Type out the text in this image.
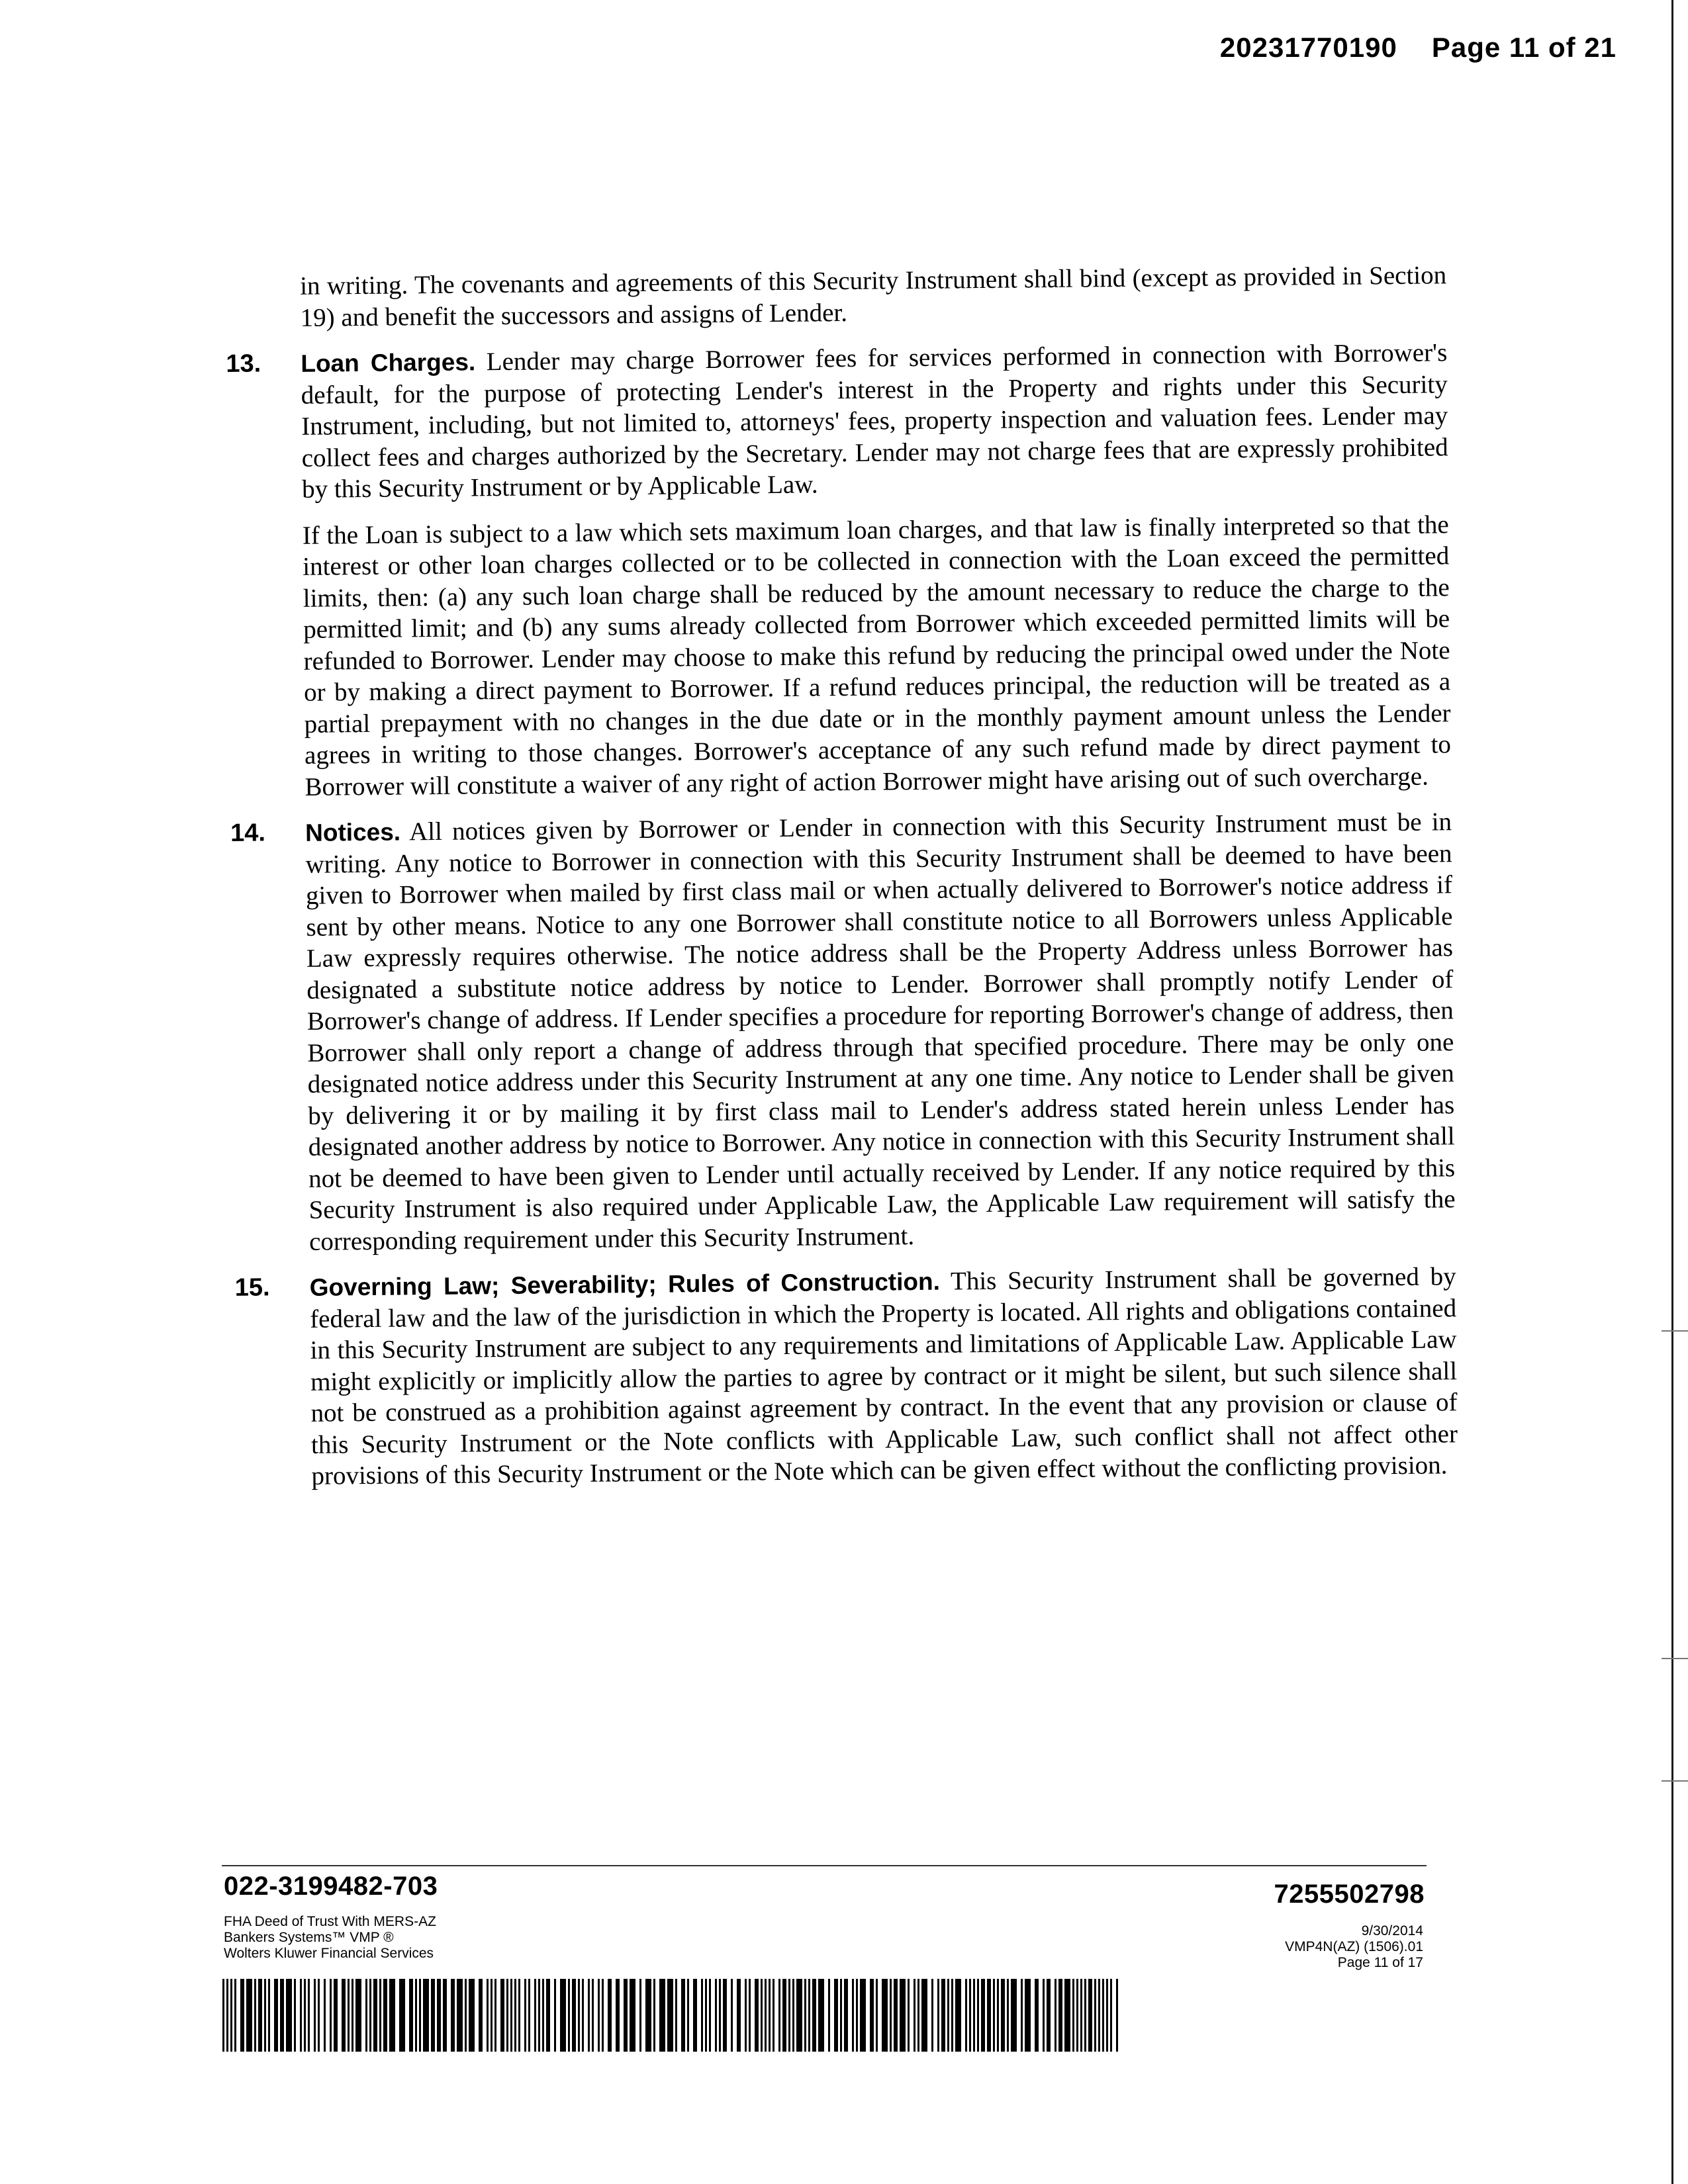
20231770190 Page 11 of 21

in writing. The covenants and agreements of this Security Instrument shall bind (except as provided in Section 19) and benefit the successors and assigns of Lender.

13. Loan Charges. Lender may charge Borrower fees for services performed in connection with Borrower's default, for the purpose of protecting Lender's interest in the Property and rights under this Security Instrument, including, but not limited to, attorneys' fees, property inspection and valuation fees. Lender may collect fees and charges authorized by the Secretary. Lender may not charge fees that are expressly prohibited by this Security Instrument or by Applicable Law.

If the Loan is subject to a law which sets maximum loan charges, and that law is finally interpreted so that the interest or other loan charges collected or to be collected in connection with the Loan exceed the permitted limits, then: (a) any such loan charge shall be reduced by the amount necessary to reduce the charge to the permitted limit; and (b) any sums already collected from Borrower which exceeded permitted limits will be refunded to Borrower. Lender may choose to make this refund by reducing the principal owed under the Note or by making a direct payment to Borrower. If a refund reduces principal, the reduction will be treated as a partial prepayment with no changes in the due date or in the monthly payment amount unless the Lender agrees in writing to those changes. Borrower's acceptance of any such refund made by direct payment to Borrower will constitute a waiver of any right of action Borrower might have arising out of such overcharge.

14. Notices. All notices given by Borrower or Lender in connection with this Security Instrument must be in writing. Any notice to Borrower in connection with this Security Instrument shall be deemed to have been given to Borrower when mailed by first class mail or when actually delivered to Borrower's notice address if sent by other means. Notice to any one Borrower shall constitute notice to all Borrowers unless Applicable Law expressly requires otherwise. The notice address shall be the Property Address unless Borrower has designated a substitute notice address by notice to Lender. Borrower shall promptly notify Lender of Borrower's change of address. If Lender specifies a procedure for reporting Borrower's change of address, then Borrower shall only report a change of address through that specified procedure. There may be only one designated notice address under this Security Instrument at any one time. Any notice to Lender shall be given by delivering it or by mailing it by first class mail to Lender's address stated herein unless Lender has designated another address by notice to Borrower. Any notice in connection with this Security Instrument shall not be deemed to have been given to Lender until actually received by Lender. If any notice required by this Security Instrument is also required under Applicable Law, the Applicable Law requirement will satisfy the corresponding requirement under this Security Instrument.

15. Governing Law; Severability; Rules of Construction. This Security Instrument shall be governed by federal law and the law of the jurisdiction in which the Property is located. All rights and obligations contained in this Security Instrument are subject to any requirements and limitations of Applicable Law. Applicable Law might explicitly or implicitly allow the parties to agree by contract or it might be silent, but such silence shall not be construed as a prohibition against agreement by contract. In the event that any provision or clause of this Security Instrument or the Note conflicts with Applicable Law, such conflict shall not affect other provisions of this Security Instrument or the Note which can be given effect without the conflicting provision.

022-3199482-703	7255502798
FHA Deed of Trust With MERS-AZ
Bankers Systems™ VMP ®
Wolters Kluwer Financial Services
9/30/2014
VMP4N(AZ) (1506).01
Page 11 of 17
